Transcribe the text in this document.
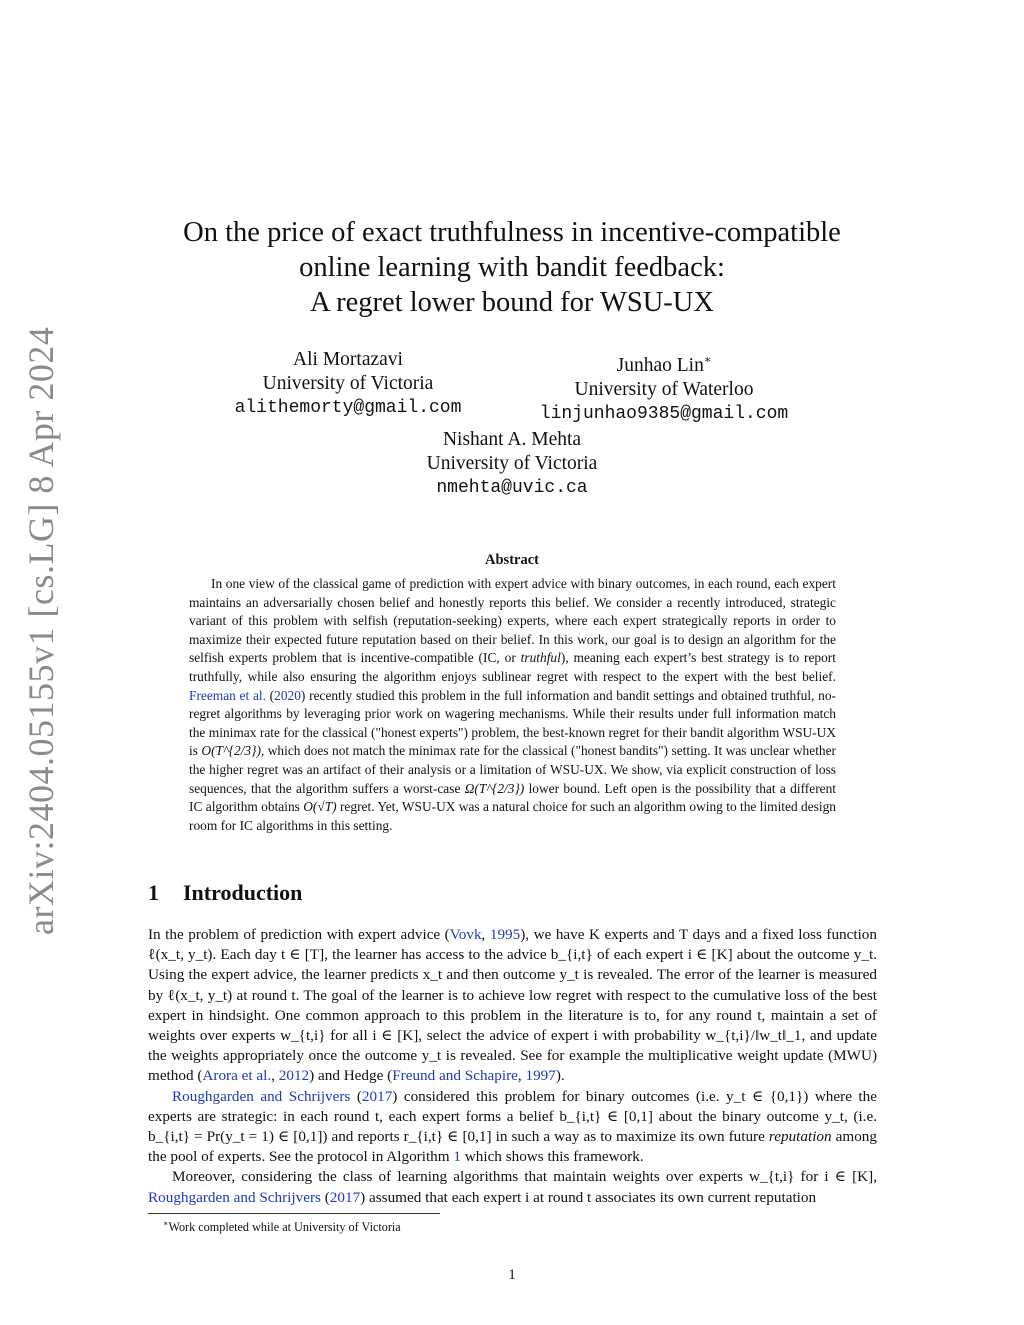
arXiv:2404.05155v1 [cs.LG] 8 Apr 2024
On the price of exact truthfulness in incentive-compatible
online learning with bandit feedback:
A regret lower bound for WSU-UX
Ali Mortazavi
University of Victoria
alithemorty@gmail.com
Junhao Lin∗
University of Waterloo
linjunhao9385@gmail.com
Nishant A. Mehta
University of Victoria
nmehta@uvic.ca
Abstract

In one view of the classical game of prediction with expert advice with binary outcomes, in each round, each expert maintains an adversarially chosen belief and honestly reports this belief. We consider a recently introduced, strategic variant of this problem with selfish (reputation-seeking) experts, where each expert strategically reports in order to maximize their expected future reputation based on their belief. In this work, our goal is to design an algorithm for the selfish experts problem that is incentive-compatible (IC, or truthful), meaning each expert’s best strategy is to report truthfully, while also ensuring the algorithm enjoys sublinear regret with respect to the expert with the best belief. Freeman et al. (2020) recently studied this problem in the full information and bandit settings and obtained truthful, no-regret algorithms by leveraging prior work on wagering mechanisms. While their results under full information match the minimax rate for the classical ("honest experts") problem, the best-known regret for their bandit algorithm WSU-UX is O(T^{2/3}), which does not match the minimax rate for the classical ("honest bandits") setting. It was unclear whether the higher regret was an artifact of their analysis or a limitation of WSU-UX. We show, via explicit construction of loss sequences, that the algorithm suffers a worst-case Ω(T^{2/3}) lower bound. Left open is the possibility that a different IC algorithm obtains O(√T) regret. Yet, WSU-UX was a natural choice for such an algorithm owing to the limited design room for IC algorithms in this setting.

1 Introduction

In the problem of prediction with expert advice (Vovk, 1995), we have K experts and T days and a fixed loss function ℓ(x_t, y_t). Each day t ∈ [T], the learner has access to the advice b_{i,t} of each expert i ∈ [K] about the outcome y_t. Using the expert advice, the learner predicts x_t and then outcome y_t is revealed. The error of the learner is measured by ℓ(x_t, y_t) at round t. The goal of the learner is to achieve low regret with respect to the cumulative loss of the best expert in hindsight. One common approach to this problem in the literature is to, for any round t, maintain a set of weights over experts w_{t,i} for all i ∈ [K], select the advice of expert i with probability w_{t,i}/‖w_t‖_1, and update the weights appropriately once the outcome y_t is revealed. See for example the multiplicative weight update (MWU) method (Arora et al., 2012) and Hedge (Freund and Schapire, 1997).

Roughgarden and Schrijvers (2017) considered this problem for binary outcomes (i.e. y_t ∈ {0,1}) where the experts are strategic: in each round t, each expert forms a belief b_{i,t} ∈ [0,1] about the binary outcome y_t, (i.e. b_{i,t} = Pr(y_t = 1) ∈ [0,1]) and reports r_{i,t} ∈ [0,1] in such a way as to maximize its own future reputation among the pool of experts. See the protocol in Algorithm 1 which shows this framework.

Moreover, considering the class of learning algorithms that maintain weights over experts w_{t,i} for i ∈ [K], Roughgarden and Schrijvers (2017) assumed that each expert i at round t associates its own current reputation

∗Work completed while at University of Victoria
1
